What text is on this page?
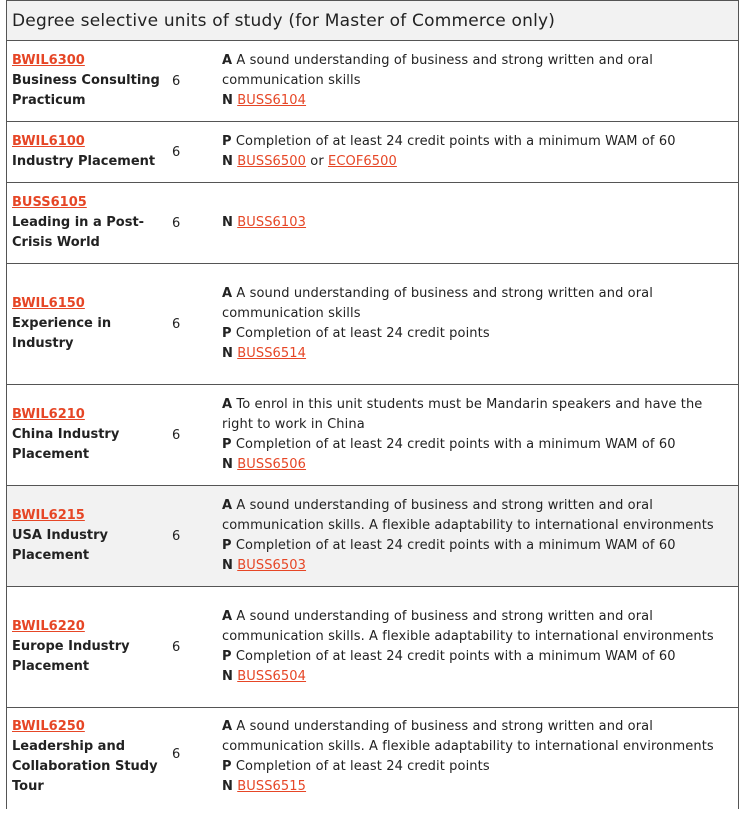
Degree selective units of study (for Master of Commerce only)
BWIL6300
Business Consulting Practicum
6
A A sound understanding of business and strong written and oral communication skills
N BUSS6104
BWIL6100
Industry Placement
6
P Completion of at least 24 credit points with a minimum WAM of 60
N BUSS6500 or ECOF6500
BUSS6105
Leading in a Post-Crisis World
6	N BUSS6103
BWIL6150
Experience in Industry
6
A A sound understanding of business and strong written and oral communication skills
P Completion of at least 24 credit points
N BUSS6514
BWIL6210
China Industry Placement
6
A To enrol in this unit students must be Mandarin speakers and have the right to work in China
P Completion of at least 24 credit points with a minimum WAM of 60
N BUSS6506
BWIL6215
USA Industry Placement
6
A A sound understanding of business and strong written and oral communication skills. A flexible adaptability to international environments
P Completion of at least 24 credit points with a minimum WAM of 60
N BUSS6503
BWIL6220
Europe Industry Placement
6
A A sound understanding of business and strong written and oral communication skills. A flexible adaptability to international environments
P Completion of at least 24 credit points with a minimum WAM of 60
N BUSS6504
BWIL6250
Leadership and Collaboration Study Tour
6
A A sound understanding of business and strong written and oral communication skills. A flexible adaptability to international environments
P Completion of at least 24 credit points
N BUSS6515
